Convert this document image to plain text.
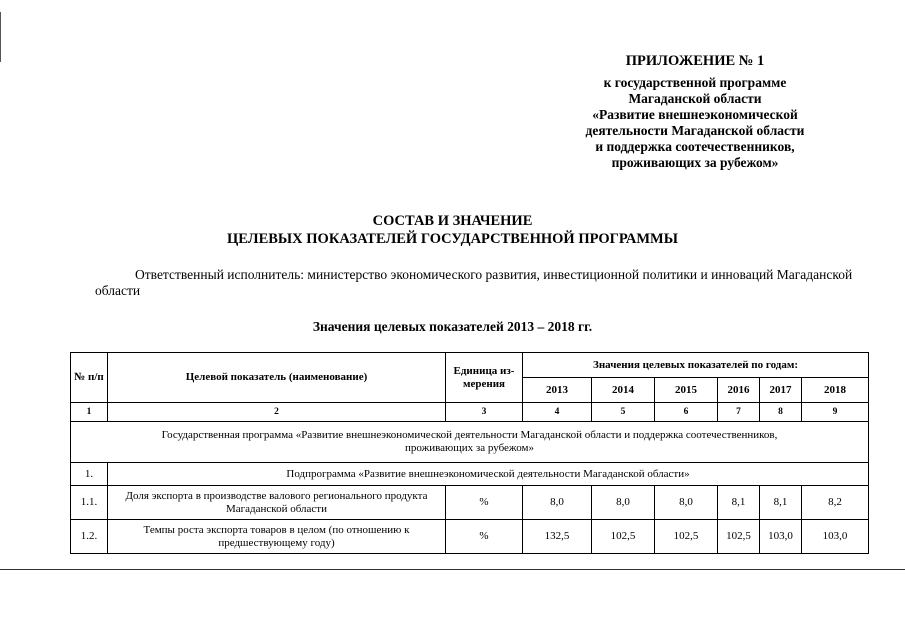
ПРИЛОЖЕНИЕ № 1
к государственной программе
Магаданской области
«Развитие внешнеэкономической
деятельности Магаданской области
и поддержка соотечественников,
проживающих за рубежом»
СОСТАВ И ЗНАЧЕНИЕ
ЦЕЛЕВЫХ ПОКАЗАТЕЛЕЙ ГОСУДАРСТВЕННОЙ ПРОГРАММЫ
Ответственный исполнитель: министерство экономического развития, инвестиционной политики и инноваций Магаданской области
Значения целевых показателей 2013 – 2018 гг.
№ п/п	Целевой показатель (наименование)	Единица из-мерения	Значения целевых показателей по годам:					
			2013	2014	2015	2016	2017	2018
1	2	3	4	5	6	7	8	9
Государственная программа «Развитие внешнеэкономической деятельности Магаданской области и поддержка соотечественников, проживающих за рубежом»								
1.	Подпрограмма «Развитие внешнеэкономической деятельности Магаданской области»							
1.1.	Доля экспорта в производстве валового регионального продукта Магаданской области	%	8,0	8,0	8,0	8,1	8,1	8,2
1.2.	Темпы роста экспорта товаров в целом (по отношению к предшествующему году)	%	132,5	102,5	102,5	102,5	103,0	103,0
